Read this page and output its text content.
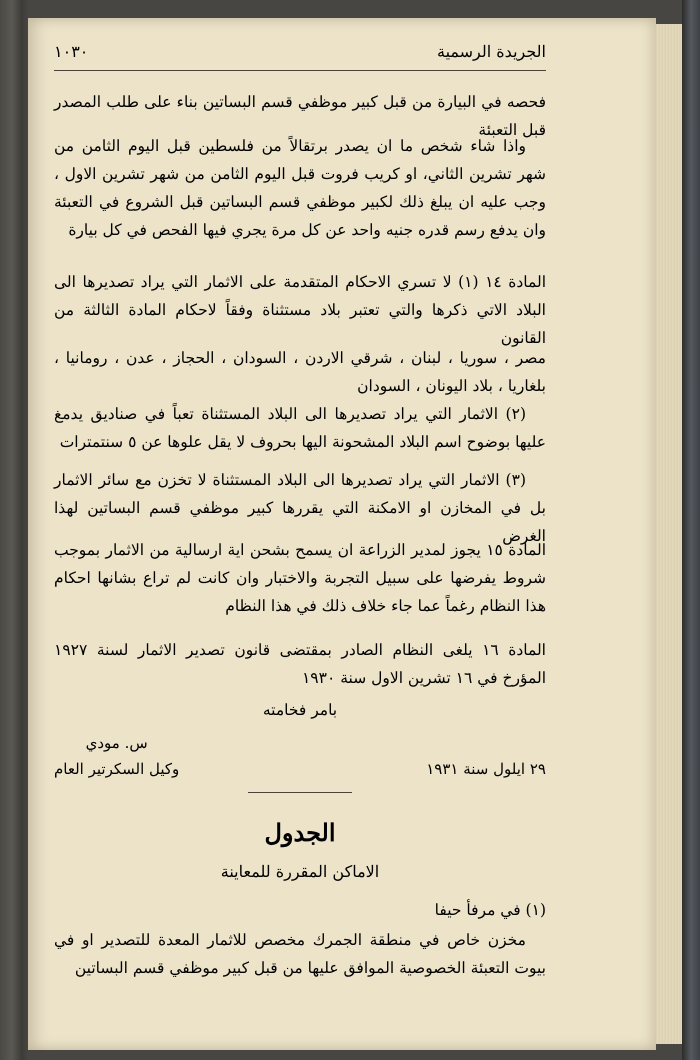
الجريدة الرسمية
١٠٣٠
فحصه في البيارة من قبل كبير موظفي قسم البساتين بناء على طلب المصدر قبل التعبئة
واذا شاء شخص ما ان يصدر برتقالاً من فلسطين قبل اليوم الثامن من شهر تشرين الثاني، او كريب فروت قبل اليوم الثامن من شهر تشرين الاول ، وجب عليه ان يبلغ ذلك لكبير موظفي قسم البساتين قبل الشروع في التعبئة وان يدفع رسم قدره جنيه واحد عن كل مرة يجري فيها الفحص في كل بيارة
المادة ١٤ (١) لا تسري الاحكام المتقدمة على الاثمار التي يراد تصديرها الى البلاد الاتي ذكرها والتي تعتبر بلاد مستثناة وفقاً لاحكام المادة الثالثة من القانون
مصر ، سوريا ، لبنان ، شرقي الاردن ، السودان ، الحجاز ، عدن ، رومانيا ، بلغاريا ، بلاد اليونان ، السودان
(٢) الاثمار التي يراد تصديرها الى البلاد المستثناة تعباً في صناديق يدمغ عليها بوضوح اسم البلاد المشحونة اليها بحروف لا يقل علوها عن ٥ سنتمترات
(٣) الاثمار التي يراد تصديرها الى البلاد المستثناة لا تخزن مع سائر الاثمار بل في المخازن او الامكنة التي يقررها كبير موظفي قسم البساتين لهذا الغرض
المادة ١٥ يجوز لمدير الزراعة ان يسمح بشحن اية ارسالية من الاثمار بموجب شروط يفرضها على سبيل التجربة والاختبار وان كانت لم تراع بشانها احكام هذا النظام رغماً عما جاء خلاف ذلك في هذا النظام
المادة ١٦ يلغى النظام الصادر بمقتضى قانون تصدير الاثمار لسنة ١٩٢٧ المؤرخ في ١٦ تشرين الاول سنة ١٩٣٠
بامر فخامته
٢٩ ايلول سنة ١٩٣١
س. مودي
وكيل السكرتير العام
الجدول
الاماكن المقررة للمعاينة
(١) في مرفأ حيفا
مخزن خاص في منطقة الجمرك مخصص للاثمار المعدة للتصدير او في بيوت التعبئة الخصوصية الموافق عليها من قبل كبير موظفي قسم البساتين
